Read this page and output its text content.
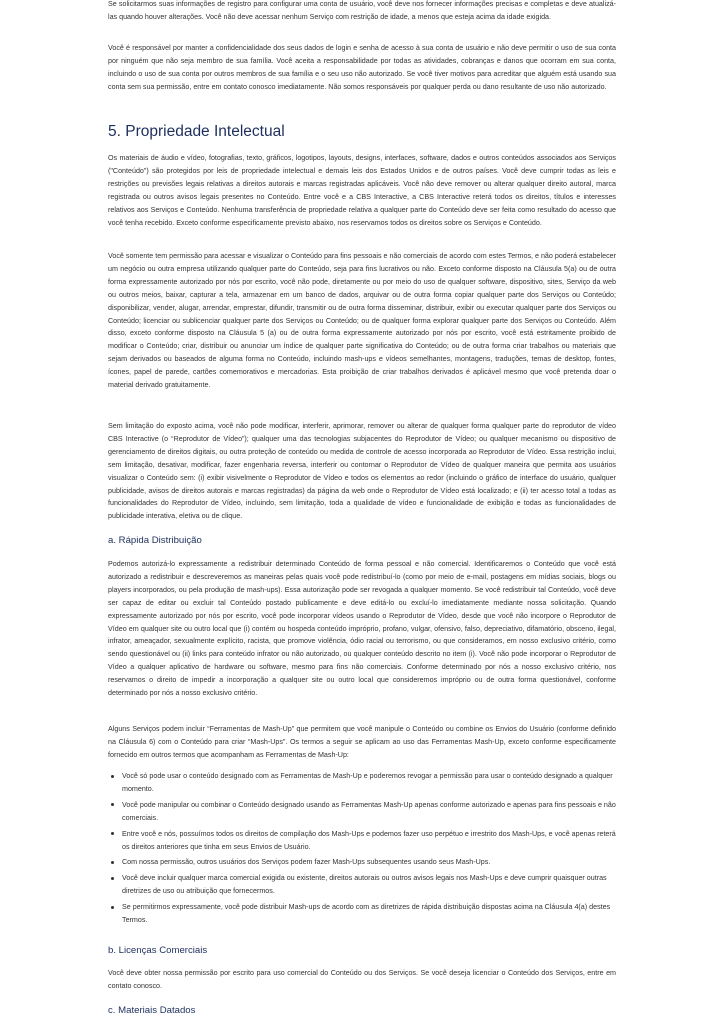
Se solicitarmos suas informações de registro para configurar uma conta de usuário, você deve nos fornecer informações precisas e completas e deve atualizá-las quando houver alterações. Você não deve acessar nenhum Serviço com restrição de idade, a menos que esteja acima da idade exigida.

Você é responsável por manter a confidencialidade dos seus dados de login e senha de acesso à sua conta de usuário e não deve permitir o uso de sua conta por ninguém que não seja membro de sua família. Você aceita a responsabilidade por todas as atividades, cobranças e danos que ocorram em sua conta, incluindo o uso de sua conta por outros membros de sua família e o seu uso não autorizado. Se você tiver motivos para acreditar que alguém está usando sua conta sem sua permissão, entre em contato conosco imediatamente. Não somos responsáveis por qualquer perda ou dano resultante de uso não autorizado.

5. Propriedade Intelectual

Os materiais de áudio e vídeo, fotografias, texto, gráficos, logotipos, layouts, designs, interfaces, software, dados e outros conteúdos associados aos Serviços ("Conteúdo") são protegidos por leis de propriedade intelectual e demais leis dos Estados Unidos e de outros países. Você deve cumprir todas as leis e restrições ou previsões legais relativas a direitos autorais e marcas registradas aplicáveis. Você não deve remover ou alterar qualquer direito autoral, marca registrada ou outros avisos legais presentes no Conteúdo. Entre você e a CBS Interactive, a CBS Interactive reterá todos os direitos, títulos e interesses relativos aos Serviços e Conteúdo. Nenhuma transferência de propriedade relativa a qualquer parte do Conteúdo deve ser feita como resultado do acesso que você tenha recebido. Exceto conforme especificamente previsto abaixo, nos reservamos todos os direitos sobre os Serviços e Conteúdo.

Você somente tem permissão para acessar e visualizar o Conteúdo para fins pessoais e não comerciais de acordo com estes Termos, e não poderá estabelecer um negócio ou outra empresa utilizando qualquer parte do Conteúdo, seja para fins lucrativos ou não. Exceto conforme disposto na Cláusula 5(a) ou de outra forma expressamente autorizado por nós por escrito, você não pode, diretamente ou por meio do uso de qualquer software, dispositivo, sites, Serviço da web ou outros meios, baixar, capturar a tela, armazenar em um banco de dados, arquivar ou de outra forma copiar qualquer parte dos Serviços ou Conteúdo; disponibilizar, vender, alugar, arrendar, emprestar, difundir, transmitir ou de outra forma disseminar, distribuir, exibir ou executar qualquer parte dos Serviços ou Conteúdo; licenciar ou sublicenciar qualquer parte dos Serviços ou Conteúdo; ou de qualquer forma explorar qualquer parte dos Serviços ou Conteúdo. Além disso, exceto conforme disposto na Cláusula 5 (a) ou de outra forma expressamente autorizado por nós por escrito, você está estritamente proibido de modificar o Conteúdo; criar, distribuir ou anunciar um índice de qualquer parte significativa do Conteúdo; ou de outra forma criar trabalhos ou materiais que sejam derivados ou baseados de alguma forma no Conteúdo, incluindo mash-ups e vídeos semelhantes, montagens, traduções, temas de desktop, fontes, ícones, papel de parede, cartões comemorativos e mercadorias. Esta proibição de criar trabalhos derivados é aplicável mesmo que você pretenda doar o material derivado gratuitamente.

Sem limitação do exposto acima, você não pode modificar, interferir, aprimorar, remover ou alterar de qualquer forma qualquer parte do reprodutor de vídeo CBS Interactive (o “Reprodutor de Vídeo”); qualquer uma das tecnologias subjacentes do Reprodutor de Vídeo; ou qualquer mecanismo ou dispositivo de gerenciamento de direitos digitais, ou outra proteção de conteúdo ou medida de controle de acesso incorporada ao Reprodutor de Vídeo. Essa restrição inclui, sem limitação, desativar, modificar, fazer engenharia reversa, interferir ou contornar o Reprodutor de Vídeo de qualquer maneira que permita aos usuários visualizar o Conteúdo sem: (i) exibir visivelmente o Reprodutor de Vídeo e todos os elementos ao redor (incluindo o gráfico de interface do usuário, qualquer publicidade, avisos de direitos autorais e marcas registradas) da página da web onde o Reprodutor de Vídeo está localizado; e (ii) ter acesso total a todas as funcionalidades do Reprodutor de Vídeo, incluindo, sem limitação, toda a qualidade de vídeo e funcionalidade de exibição e todas as funcionalidades de publicidade interativa, eletiva ou de clique.

a. Rápida Distribuição

Podemos autorizá-lo expressamente a redistribuir determinado Conteúdo de forma pessoal e não comercial. Identificaremos o Conteúdo que você está autorizado a redistribuir e descreveremos as maneiras pelas quais você pode redistribuí-lo (como por meio de e-mail, postagens em mídias sociais, blogs ou players incorporados, ou pela produção de mash-ups). Essa autorização pode ser revogada a qualquer momento. Se você redistribuir tal Conteúdo, você deve ser capaz de editar ou excluir tal Conteúdo postado publicamente e deve editá-lo ou excluí-lo imediatamente mediante nossa solicitação. Quando expressamente autorizado por nós por escrito, você pode incorporar vídeos usando o Reprodutor de Vídeo, desde que você não incorpore o Reprodutor de Vídeo em qualquer site ou outro local que (i) contém ou hospeda conteúdo impróprio, profano, vulgar, ofensivo, falso, depreciativo, difamatório, obsceno, ilegal, infrator, ameaçador, sexualmente explícito, racista, que promove violência, ódio racial ou terrorismo, ou que consideramos, em nosso exclusivo critério, como sendo questionável ou (ii) links para conteúdo infrator ou não autorizado, ou qualquer conteúdo descrito no item (i). Você não pode incorporar o Reprodutor de Vídeo a qualquer aplicativo de hardware ou software, mesmo para fins não comerciais. Conforme determinado por nós a nosso exclusivo critério, nos reservamos o direito de impedir a incorporação a qualquer site ou outro local que consideremos impróprio ou de outra forma questionável, conforme determinado por nós a nosso exclusivo critério.

Alguns Serviços podem incluir “Ferramentas de Mash-Up” que permitem que você manipule o Conteúdo ou combine os Envios do Usuário (conforme definido na Cláusula 6) com o Conteúdo para criar “Mash-Ups”. Os termos a seguir se aplicam ao uso das Ferramentas Mash-Up, exceto conforme especificamente fornecido em outros termos que acompanham as Ferramentas de Mash-Up:

Você só pode usar o conteúdo designado com as Ferramentas de Mash-Up e poderemos revogar a permissão para usar o conteúdo designado a qualquer momento.
Você pode manipular ou combinar o Conteúdo designado usando as Ferramentas Mash-Up apenas conforme autorizado e apenas para fins pessoais e não comerciais.
Entre você e nós, possuímos todos os direitos de compilação dos Mash-Ups e podemos fazer uso perpétuo e irrestrito dos Mash-Ups, e você apenas reterá os direitos anteriores que tinha em seus Envios de Usuário.
Com nossa permissão, outros usuários dos Serviços podem fazer Mash-Ups subsequentes usando seus Mash-Ups.
Você deve incluir qualquer marca comercial exigida ou existente, direitos autorais ou outros avisos legais nos Mash-Ups e deve cumprir quaisquer outras diretrizes de uso ou atribuição que fornecermos.
Se permitirmos expressamente, você pode distribuir Mash-ups de acordo com as diretrizes de rápida distribuição dispostas acima na Cláusula 4(a) destes Termos.
b. Licenças Comerciais

Você deve obter nossa permissão por escrito para uso comercial do Conteúdo ou dos Serviços. Se você deseja licenciar o Conteúdo dos Serviços, entre em contato conosco.

c. Materiais Datados
